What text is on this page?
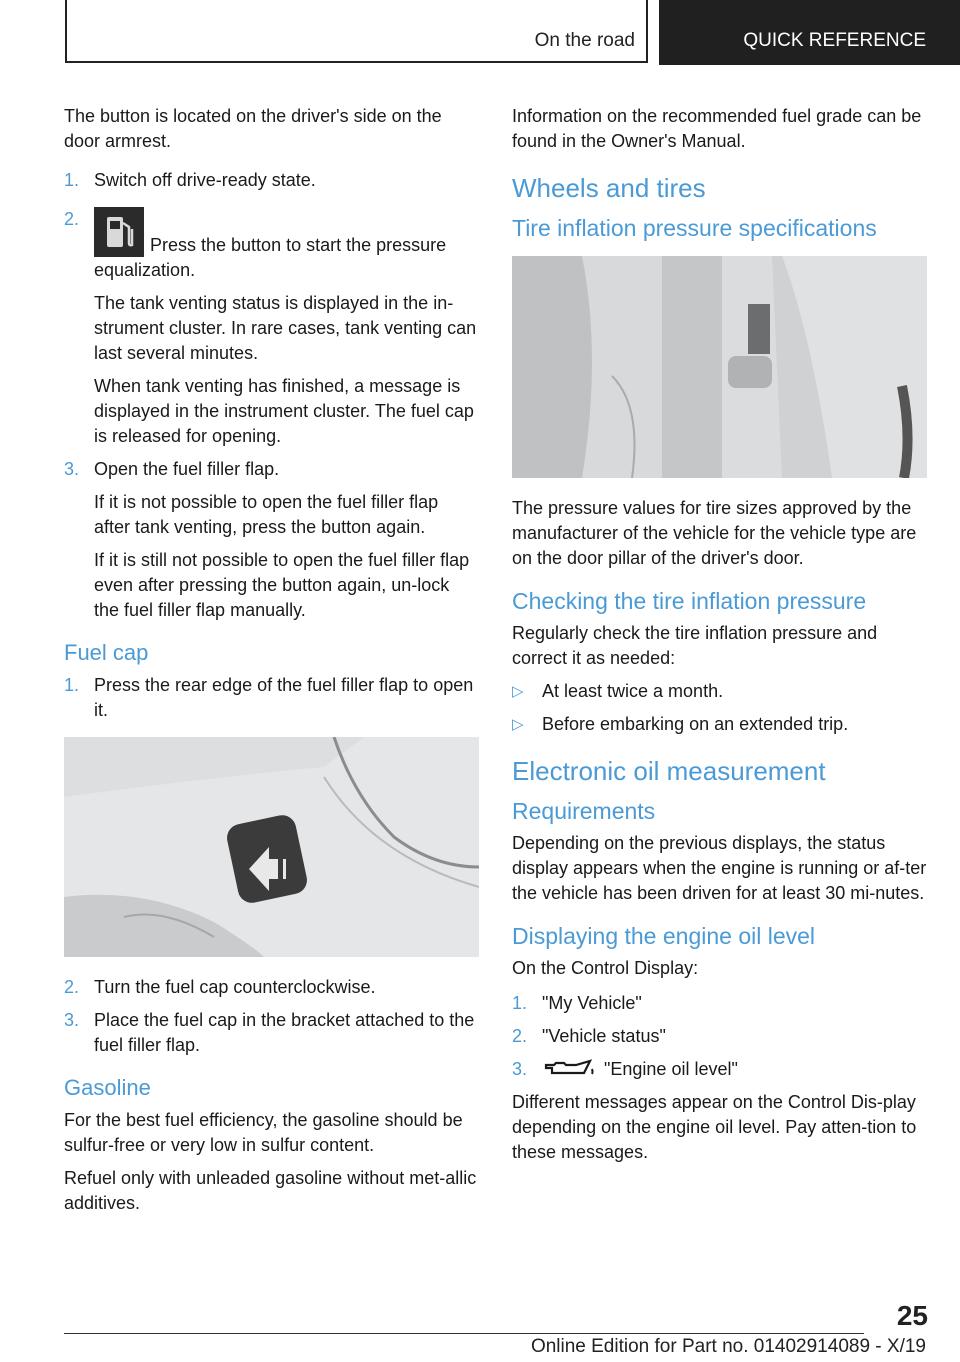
On the road	QUICK REFERENCE

The button is located on the driver's side on the door armrest.

1. Switch off drive-ready state.
2.
Press the button to start the pressure equalization.
The tank venting status is displayed in the in-strument cluster. In rare cases, tank venting can last several minutes.
When tank venting has finished, a message is displayed in the instrument cluster. The fuel cap is released for opening.
3. Open the fuel filler flap.
If it is not possible to open the fuel filler flap after tank venting, press the button again.
If it is still not possible to open the fuel filler flap even after pressing the button again, un-lock the fuel filler flap manually.
Fuel cap
1. Press the rear edge of the fuel filler flap to open it.
2. Turn the fuel cap counterclockwise.
3. Place the fuel cap in the bracket attached to the fuel filler flap.
Gasoline

For the best fuel efficiency, the gasoline should be sulfur-free or very low in sulfur content.

Refuel only with unleaded gasoline without met-allic additives.

Information on the recommended fuel grade can be found in the Owner's Manual.

Wheels and tires
Tire inflation pressure specifications

The pressure values for tire sizes approved by the manufacturer of the vehicle for the vehicle type are on the door pillar of the driver's door.

Checking the tire inflation pressure

Regularly check the tire inflation pressure and correct it as needed:

▷ At least twice a month.
▷ Before embarking on an extended trip.
Electronic oil measurement
Requirements

Depending on the previous displays, the status display appears when the engine is running or af-ter the vehicle has been driven for at least 30 mi-nutes.

Displaying the engine oil level

On the Control Display:

1. "My Vehicle"
2. "Vehicle status"
3.	"Engine oil level"

Different messages appear on the Control Dis-play depending on the engine oil level. Pay atten-tion to these messages.

25
Online Edition for Part no. 01402914089 - X/19
